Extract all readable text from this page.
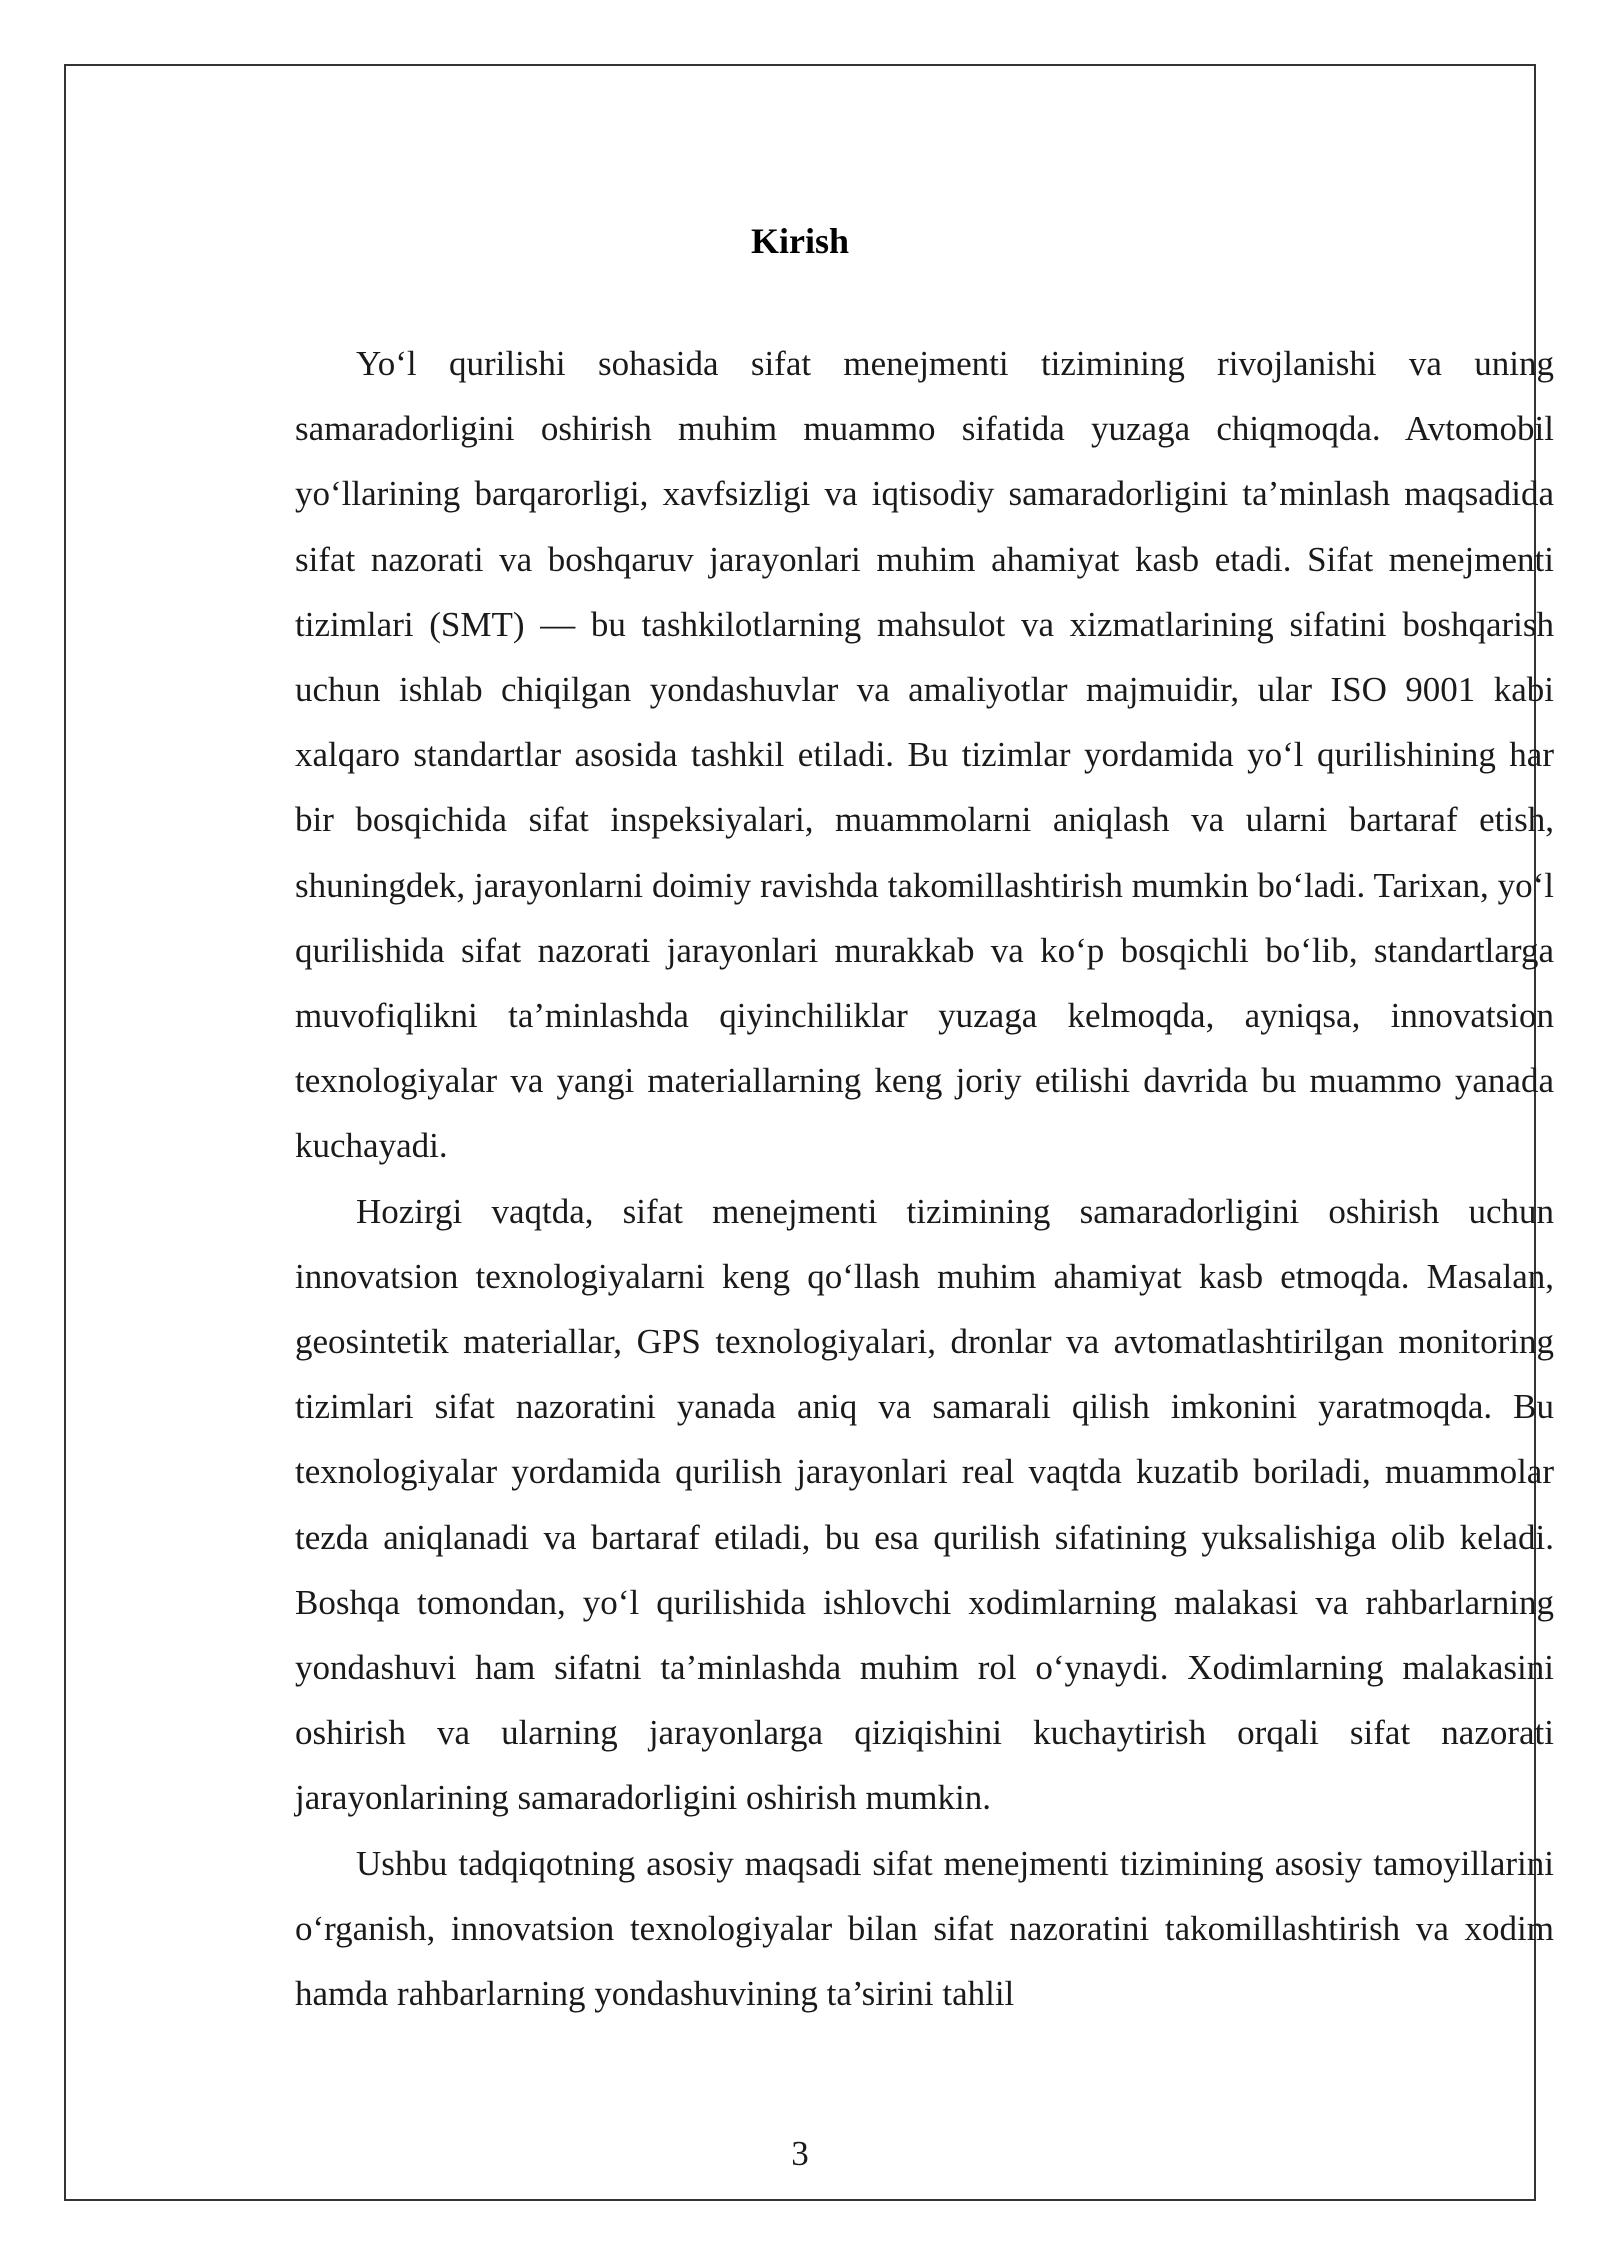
Kirish

Yo‘l qurilishi sohasida sifat menejmenti tizimining rivojlanishi va uning samaradorligini oshirish muhim muammo sifatida yuzaga chiqmoqda. Avtomobil yo‘llarining barqarorligi, xavfsizligi va iqtisodiy samaradorligini ta’minlash maqsadida sifat nazorati va boshqaruv jarayonlari muhim ahamiyat kasb etadi. Sifat menejmenti tizimlari (SMT) — bu tashkilotlarning mahsulot va xizmatlarining sifatini boshqarish uchun ishlab chiqilgan yondashuvlar va amaliyotlar majmuidir, ular ISO 9001 kabi xalqaro standartlar asosida tashkil etiladi. Bu tizimlar yordamida yo‘l qurilishining har bir bosqichida sifat inspeksiyalari, muammolarni aniqlash va ularni bartaraf etish, shuningdek, jarayonlarni doimiy ravishda takomillashtirish mumkin bo‘ladi. Tarixan, yo‘l qurilishida sifat nazorati jarayonlari murakkab va ko‘p bosqichli bo‘lib, standartlarga muvofiqlikni ta’minlashda qiyinchiliklar yuzaga kelmoqda, ayniqsa, innovatsion texnologiyalar va yangi materiallarning keng joriy etilishi davrida bu muammo yanada kuchayadi.

Hozirgi vaqtda, sifat menejmenti tizimining samaradorligini oshirish uchun innovatsion texnologiyalarni keng qo‘llash muhim ahamiyat kasb etmoqda. Masalan, geosintetik materiallar, GPS texnologiyalari, dronlar va avtomatlashtirilgan monitoring tizimlari sifat nazoratini yanada aniq va samarali qilish imkonini yaratmoqda. Bu texnologiyalar yordamida qurilish jarayonlari real vaqtda kuzatib boriladi, muammolar tezda aniqlanadi va bartaraf etiladi, bu esa qurilish sifatining yuksalishiga olib keladi. Boshqa tomondan, yo‘l qurilishida ishlovchi xodimlarning malakasi va rahbarlarning yondashuvi ham sifatni ta’minlashda muhim rol o‘ynaydi. Xodimlarning malakasini oshirish va ularning jarayonlarga qiziqishini kuchaytirish orqali sifat nazorati jarayonlarining samaradorligini oshirish mumkin.

Ushbu tadqiqotning asosiy maqsadi sifat menejmenti tizimining asosiy tamoyillarini o‘rganish, innovatsion texnologiyalar bilan sifat nazoratini takomillashtirish va xodim hamda rahbarlarning yondashuvining ta’sirini tahlil

3
